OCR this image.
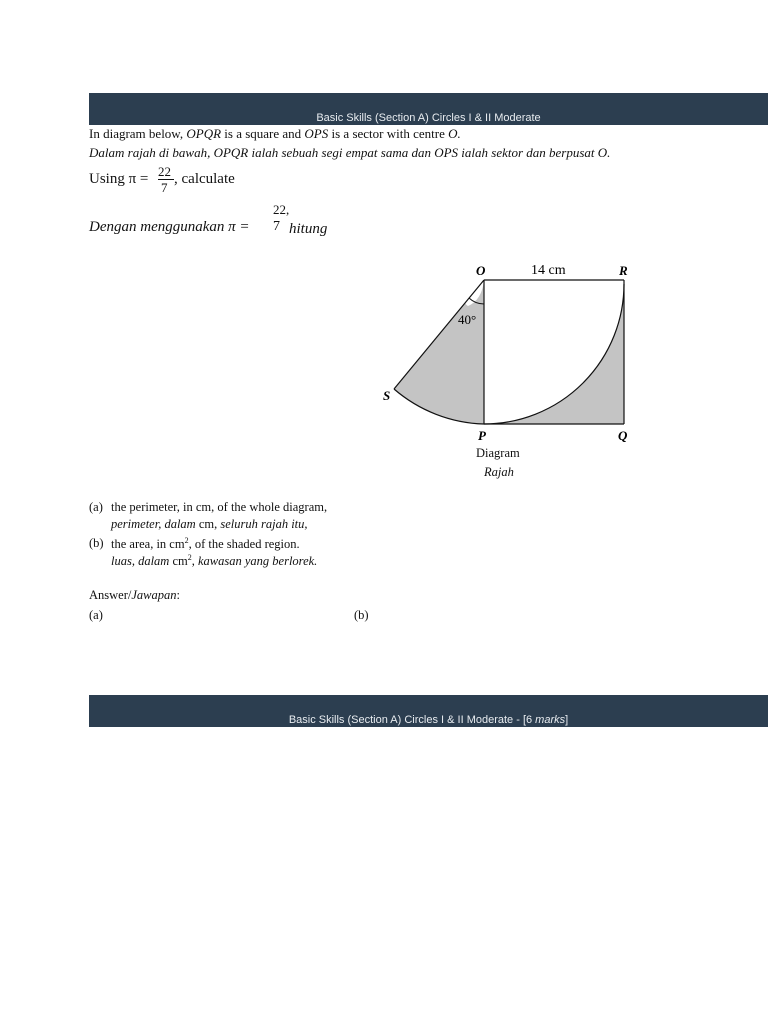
Basic Skills (Section A) Circles I & II Moderate
In diagram below, OPQR is a square and OPS is a sector with centre O.
Dalam rajah di bawah, OPQR ialah sebuah segi empat sama dan OPS ialah sektor dan berpusat O.
Using π = 22
7
, calculate
Dengan menggunakan π =
22,
7 hitung
O	R
S
P	Q
14 cm
40°
Diagram
Rajah
(a) the perimeter, in cm, of the whole diagram,
perimeter, dalam cm, seluruh rajah itu,
(b) the area, in $cm^2$, of the shaded region.
luas, dalam $cm^2$, kawasan yang berlorek.
Answer/Jawapan:
(a)	(b)
Basic Skills (Section A) Circles I & II Moderate - [6 marks]
